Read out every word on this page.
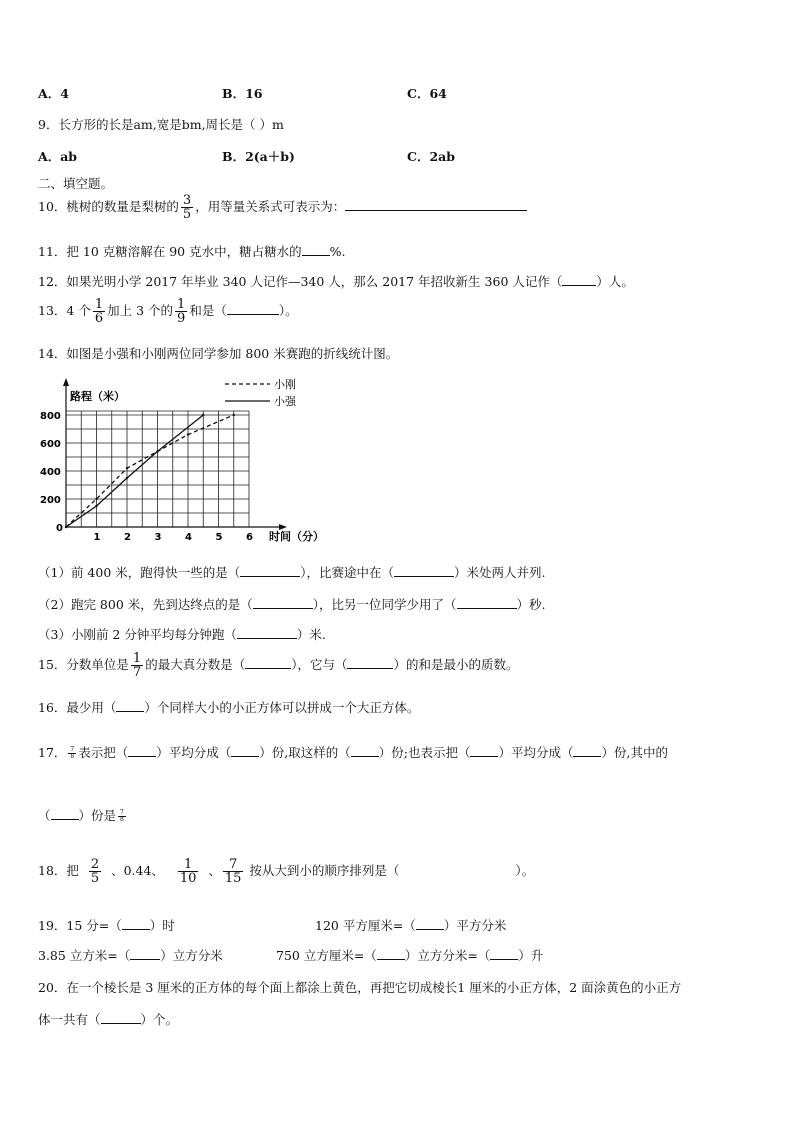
A．4	B．16	C．64
9．长方形的长是am,宽是bm,周长是（ ）m
A．ab	B．2(a＋b)	C．2ab
二、填空题。
10．桃树的数量是梨树的 $\frac{3}{5}$ ，用等量关系式可表示为：
11．把 10 克糖溶解在 90 克水中，糖占糖水的 %.
12．如果光明小学 2017 年毕业 340 人记作—340 人，那么 2017 年招收新生 360 人记作（	）人。
13．4 个 $\frac{1}{6}$ 加上 3 个的 $\frac{1}{9}$ 和是（	）。
14．如图是小强和小刚两位同学参加 800 米赛跑的折线统计图。
路程（米）
时间（分）
0
1 2 3 4 5 6
200
400
600
800
小刚
小强
（1）前 400 米，跑得快一些的是（	），比赛途中在（	）米处两人并列.
（2）跑完 800 米，先到达终点的是（	），比另一位同学少用了（	）秒.
（3）小刚前 2 分钟平均每分钟跑（	）米.
15．分数单位是 $\frac{1}{7}$ 的最大真分数是（	），它与（	）的和是最小的质数。
16．最少用（ ）个同样大小的小正方体可以拼成一个大正方体。
17． $\frac{7}{8}$ 表示把（ ）平均分成（ ）份,取这样的（ ）份;也表示把（ ）平均分成（ ）份,其中的
（ ）份是 $\frac{7}{8}$
18．把 $\frac{2}{5}$ 、0.44、 $\frac{1}{10}$ 、 $\frac{7}{15}$ 按从大到小的顺序排列是（	）。
19．15 分=（ ）时	120 平方厘米=（ ）平方分米
3.85 立方米=（ ）立方分米	750 立方厘米=（ ）立方分米=（ ）升
20．在一个棱长是 3 厘米的正方体的每个面上都涂上黄色，再把它切成棱长1 厘米的小正方体，2 面涂黄色的小正方
体一共有（	）个。
